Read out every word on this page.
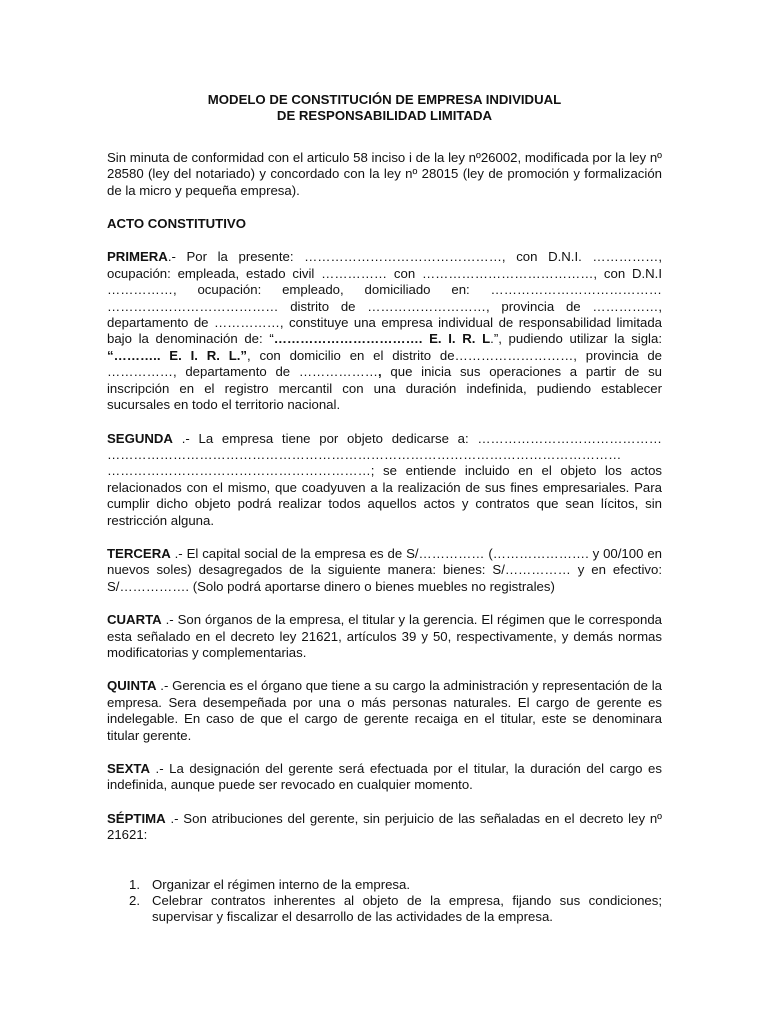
MODELO DE CONSTITUCIÓN DE EMPRESA INDIVIDUAL

DE RESPONSABILIDAD LIMITADA

Sin minuta de conformidad con el articulo 58 inciso i de la ley nº26002, modificada por la ley nº 28580 (ley del notariado) y concordado con la ley nº 28015 (ley de promoción y formalización de la micro y pequeña empresa).

ACTO CONSTITUTIVO

PRIMERA.- Por la presente: ………………………………………, con D.N.I. ……………, ocupación: empleada, estado civil …………… con …………………………………, con D.N.I ……………, ocupación: empleado, domiciliado en: ………………………………… ………………………………… distrito de ………………………, provincia de ……………, departamento de ……………, constituye una empresa individual de responsabilidad limitada bajo la denominación de: “……………………………. E. I. R. L.”, pudiendo utilizar la sigla: “……….. E. I. R. L.”, con domicilio en el distrito de………………………, provincia de ……………, departamento de ………………, que inicia sus operaciones a partir de su inscripción en el registro mercantil con una duración indefinida, pudiendo establecer sucursales en todo el territorio nacional.

SEGUNDA .- La empresa tiene por objeto dedicarse a: …………………………………… ……………………………………………………………………………………………………… ……………………………………………………; se entiende incluido en el objeto los actos relacionados con el mismo, que coadyuven a la realización de sus fines empresariales. Para cumplir dicho objeto podrá realizar todos aquellos actos y contratos que sean lícitos, sin restricción alguna.

TERCERA .- El capital social de la empresa es de S/…………… (…………………. y 00/100 en nuevos soles) desagregados de la siguiente manera: bienes: S/…………… y en efectivo: S/……………. (Solo podrá aportarse dinero o bienes muebles no registrales)

CUARTA .- Son órganos de la empresa, el titular y la gerencia. El régimen que le corresponda esta señalado en el decreto ley 21621, artículos 39 y 50, respectivamente, y demás normas modificatorias y complementarias.

QUINTA .- Gerencia es el órgano que tiene a su cargo la administración y representación de la empresa. Sera desempeñada por una o más personas naturales. El cargo de gerente es indelegable. En caso de que el cargo de gerente recaiga en el titular, este se denominara titular gerente.

SEXTA .- La designación del gerente será efectuada por el titular, la duración del cargo es indefinida, aunque puede ser revocado en cualquier momento.

SÉPTIMA .- Son atribuciones del gerente, sin perjuicio de las señaladas en el decreto ley nº 21621:

1. Organizar el régimen interno de la empresa.
2. Celebrar contratos inherentes al objeto de la empresa, fijando sus condiciones; supervisar y fiscalizar el desarrollo de las actividades de la empresa.
